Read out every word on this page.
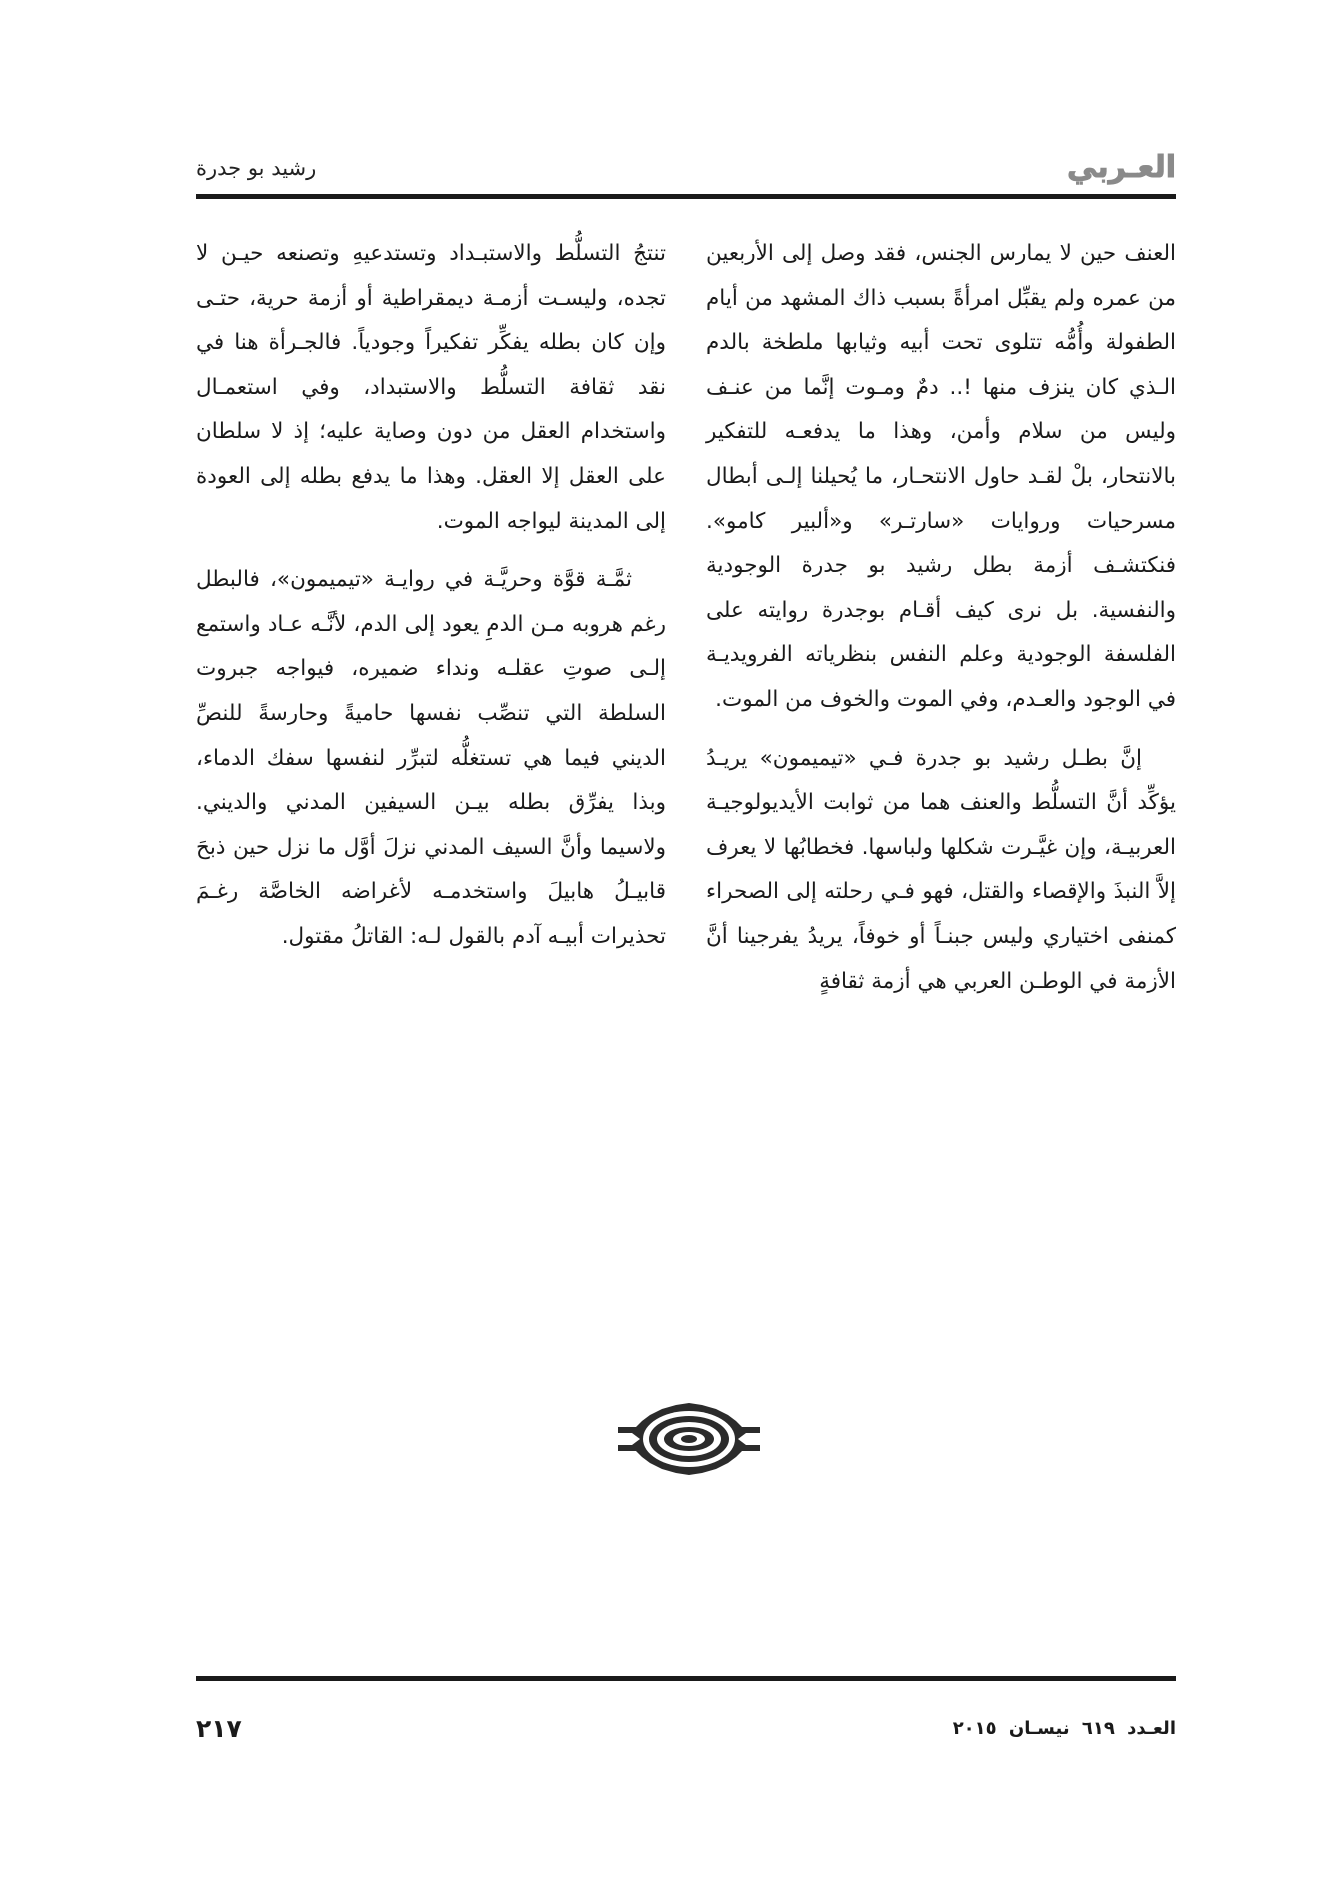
العـربي
رشيد بو جدرة

العنف حين لا يمارس الجنس، فقد وصل إلى الأربعين من عمره ولم يقبِّل امرأةً بسبب ذاك المشهد من أيام الطفولة وأُمُّه تتلوى تحت أبيه وثيابها ملطخة بالدم الـذي كان ينزف منها !.. دمٌ ومـوت إنَّما من عنـف وليس من سلام وأمن، وهذا ما يدفعـه للتفكير بالانتحار، بلْ لقـد حاول الانتحـار، ما يُحيلنا إلـى أبطال مسرحيات وروايات «سارتـر» و«ألبير كامو». فنكتشـف أزمة بطل رشيد بو جدرة الوجودية والنفسية. بل نرى كيف أقـام بوجدرة روايته على الفلسفة الوجودية وعلم النفس بنظرياته الفرويديـة في الوجود والعـدم، وفي الموت والخوف من الموت.

إنَّ بطـل رشيد بو جدرة فـي «تيميمون» يريـدُ يؤكِّد أنَّ التسلُّط والعنف هما من ثوابت الأيديولوجيـة العربيـة، وإن غيَّـرت شكلها ولباسها. فخطابُها لا يعرف إلاَّ النبذَ والإقصاء والقتل، فهو فـي رحلته إلى الصحراء كمنفى اختياري وليس جبنـاً أو خوفاً، يريدُ يفرجينا أنَّ الأزمة في الوطـن العربي هي أزمة ثقافةٍ

تنتجُ التسلُّط والاستبـداد وتستدعيهِ وتصنعه حيـن لا تجده، وليسـت أزمـة ديمقراطية أو أزمة حرية، حتـى وإن كان بطله يفكِّر تفكيراً وجودياً. فالجـرأة هنا في نقد ثقافة التسلُّط والاستبداد، وفي استعمـال واستخدام العقل من دون وصاية عليه؛ إذ لا سلطان على العقل إلا العقل. وهذا ما يدفع بطله إلى العودة إلى المدينة ليواجه الموت.

ثمَّـة قوَّة وحريَّـة في روايـة «تيميمون»، فالبطل رغم هروبه مـن الدمِ يعود إلى الدم، لأنَّـه عـاد واستمع إلـى صوتِ عقلـه ونداء ضميره، فيواجه جبروت السلطة التي تنصِّب نفسها حاميةً وحارسةً للنصِّ الديني فيما هي تستغلُّه لتبرِّر لنفسها سفك الدماء، وبذا يفرِّق بطله بيـن السيفين المدني والديني. ولاسيما وأنَّ السيف المدني نزلَ أوَّل ما نزل حين ذبحَ قابيـلُ هابيلَ واستخدمـه لأغراضه الخاصَّة رغـمَ تحذيرات أبيـه آدم بالقول لـه: القاتلُ مقتول.

العـدد ٦١٩ نيسـان ٢٠١٥
٢١٧
